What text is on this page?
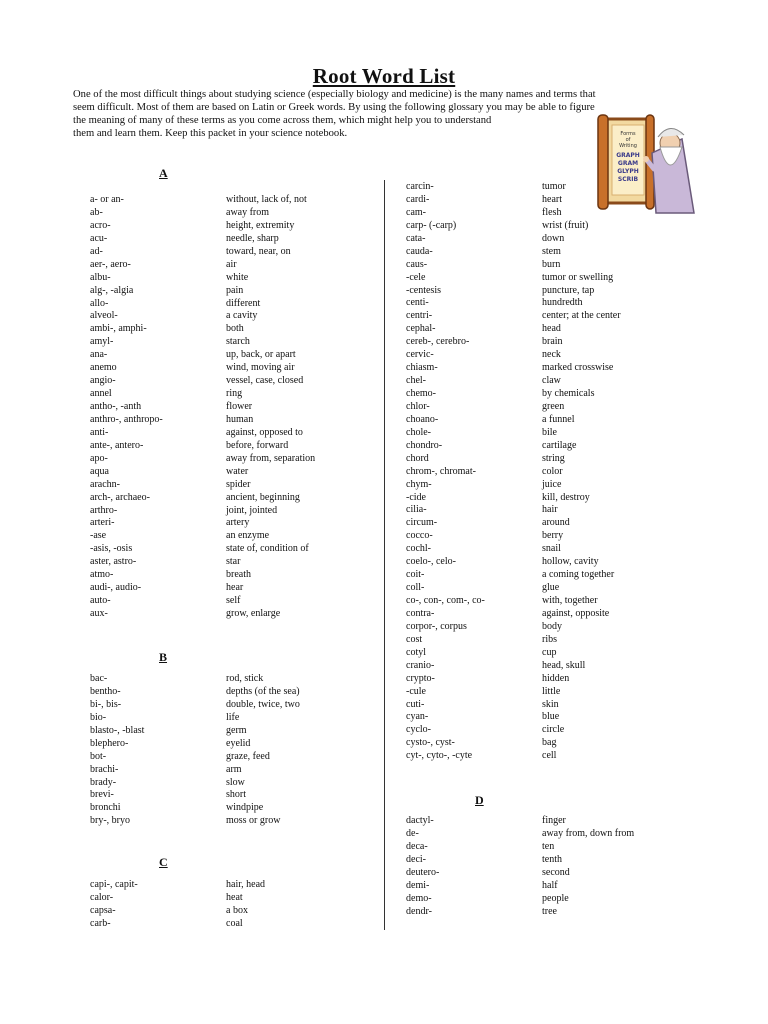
Root Word List
One of the most difficult things about studying science (especially biology and medicine) is the many names and terms that
seem difficult. Most of them are based on Latin or Greek words. By using the following glossary you may be able to figure
the meaning of many of these terms as you come across them, which might help you to understand
them and learn them. Keep this packet in your science notebook.	Forms
of
Writing
GRAPH
GRAM
GLYPH
SCRIB
A
a- or an-	without, lack of, not
ab-	away from
acro-	height, extremity
acu-	needle, sharp
ad-	toward, near, on
aer-, aero-	air
albu-	white
alg-, -algia	pain
allo-	different
alveol-	a cavity
ambi-, amphi-	both
amyl-	starch
ana-	up, back, or apart
anemo	wind, moving air
angio-	vessel, case, closed
annel	ring
antho-, -anth	flower
anthro-, anthropo-	human
anti-	against, opposed to
ante-, antero-	before, forward
apo-	away from, separation
aqua	water
arachn-	spider
arch-, archaeo-	ancient, beginning
arthro-	joint, jointed
arteri-	artery
-ase	an enzyme
-asis, -osis	state of, condition of
aster, astro-	star
atmo-	breath
audi-, audio-	hear
auto-	self
aux-	grow, enlarge
B
bac-	rod, stick
bentho-	depths (of the sea)
bi-, bis-	double, twice, two
bio-	life
blasto-, -blast	germ
blephero-	eyelid
bot-	graze, feed
brachi-	arm
brady-	slow
brevi-	short
bronchi	windpipe
bry-, bryo	moss or grow
C
capi-, capit-	hair, head
calor-	heat
capsa-	a box
carb-	coal
carcin-	tumor
cardi-	heart
cam-	flesh
carp- (-carp)	wrist (fruit)
cata-	down
cauda-	stem
caus-	burn
-cele	tumor or swelling
-centesis	puncture, tap
centi-	hundredth
centri-	center; at the center
cephal-	head
cereb-, cerebro-	brain
cervic-	neck
chiasm-	marked crosswise
chel-	claw
chemo-	by chemicals
chlor-	green
choano-	a funnel
chole-	bile
chondro-	cartilage
chord	string
chrom-, chromat-	color
chym-	juice
-cide	kill, destroy
cilia-	hair
circum-	around
cocco-	berry
cochl-	snail
coelo-, celo-	hollow, cavity
coit-	a coming together
coll-	glue
co-, con-, com-, co-	with, together
contra-	against, opposite
corpor-, corpus	body
cost	ribs
cotyl	cup
cranio-	head, skull
crypto-	hidden
-cule	little
cuti-	skin
cyan-	blue
cyclo-	circle
cysto-, cyst-	bag
cyt-, cyto-, -cyte	cell
D
dactyl-	finger
de-	away from, down from
deca-	ten
deci-	tenth
deutero-	second
demi-	half
demo-	people
dendr-	tree
